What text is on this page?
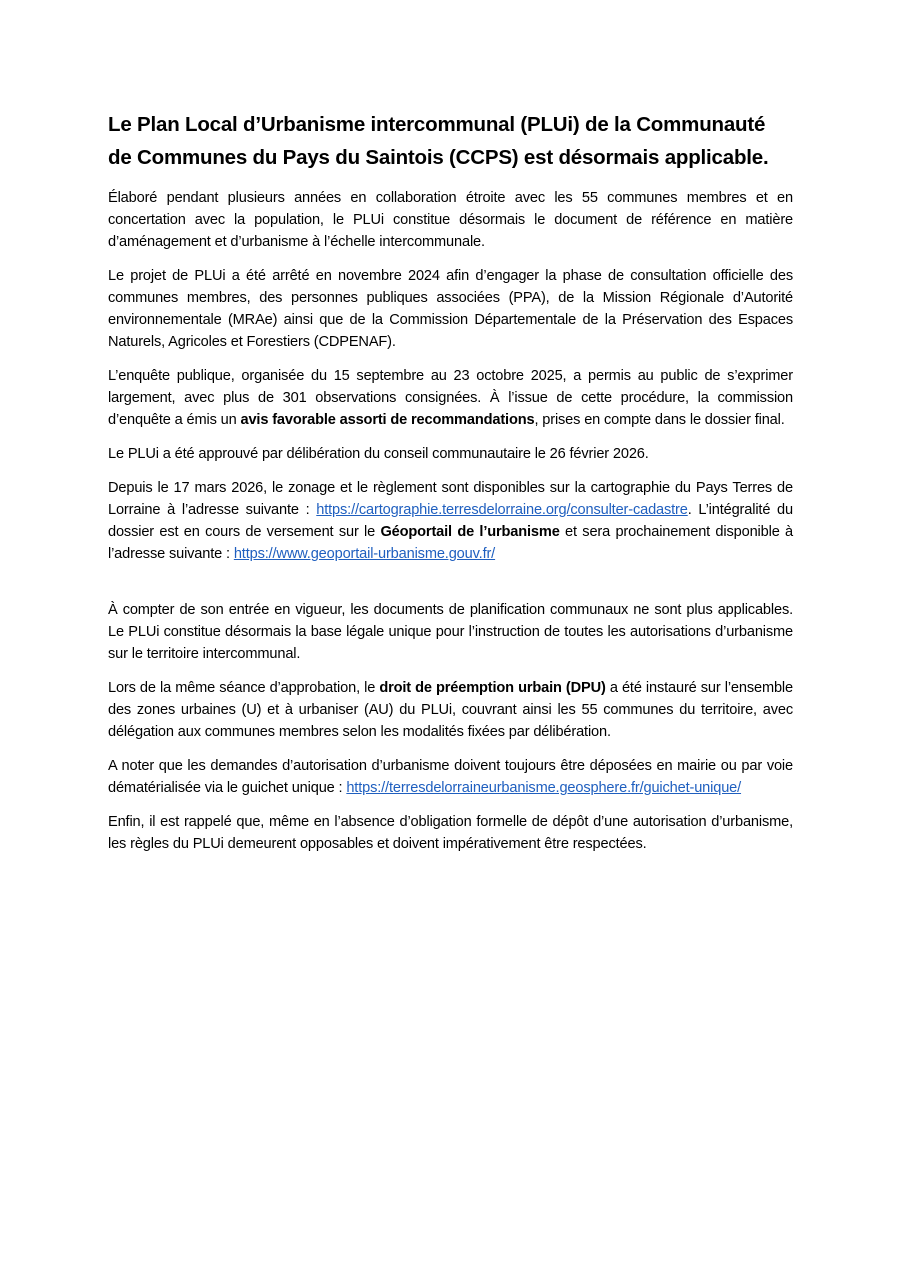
Le Plan Local d’Urbanisme intercommunal (PLUi) de la Communauté de Communes du Pays du Saintois (CCPS) est désormais applicable.

Élaboré pendant plusieurs années en collaboration étroite avec les 55 communes membres et en concertation avec la population, le PLUi constitue désormais le document de référence en matière d’aménagement et d’urbanisme à l’échelle intercommunale.

Le projet de PLUi a été arrêté en novembre 2024 afin d’engager la phase de consultation officielle des communes membres, des personnes publiques associées (PPA), de la Mission Régionale d’Autorité environnementale (MRAe) ainsi que de la Commission Départementale de la Préservation des Espaces Naturels, Agricoles et Forestiers (CDPENAF).

L’enquête publique, organisée du 15 septembre au 23 octobre 2025, a permis au public de s’exprimer largement, avec plus de 301 observations consignées. À l’issue de cette procédure, la commission d’enquête a émis un avis favorable assorti de recommandations, prises en compte dans le dossier final.

Le PLUi a été approuvé par délibération du conseil communautaire le 26 février 2026.

Depuis le 17 mars 2026, le zonage et le règlement sont disponibles sur la cartographie du Pays Terres de Lorraine à l’adresse suivante : https://cartographie.terresdelorraine.org/consulter-cadastre. L’intégralité du dossier est en cours de versement sur le Géoportail de l’urbanisme et sera prochainement disponible à l’adresse suivante : https://www.geoportail-urbanisme.gouv.fr/

À compter de son entrée en vigueur, les documents de planification communaux ne sont plus applicables. Le PLUi constitue désormais la base légale unique pour l’instruction de toutes les autorisations d’urbanisme sur le territoire intercommunal.

Lors de la même séance d’approbation, le droit de préemption urbain (DPU) a été instauré sur l’ensemble des zones urbaines (U) et à urbaniser (AU) du PLUi, couvrant ainsi les 55 communes du territoire, avec délégation aux communes membres selon les modalités fixées par délibération.

A noter que les demandes d’autorisation d’urbanisme doivent toujours être déposées en mairie ou par voie dématérialisée via le guichet unique : https://terresdelorraineurbanisme.geosphere.fr/guichet-unique/

Enfin, il est rappelé que, même en l’absence d’obligation formelle de dépôt d’une autorisation d’urbanisme, les règles du PLUi demeurent opposables et doivent impérativement être respectées.
